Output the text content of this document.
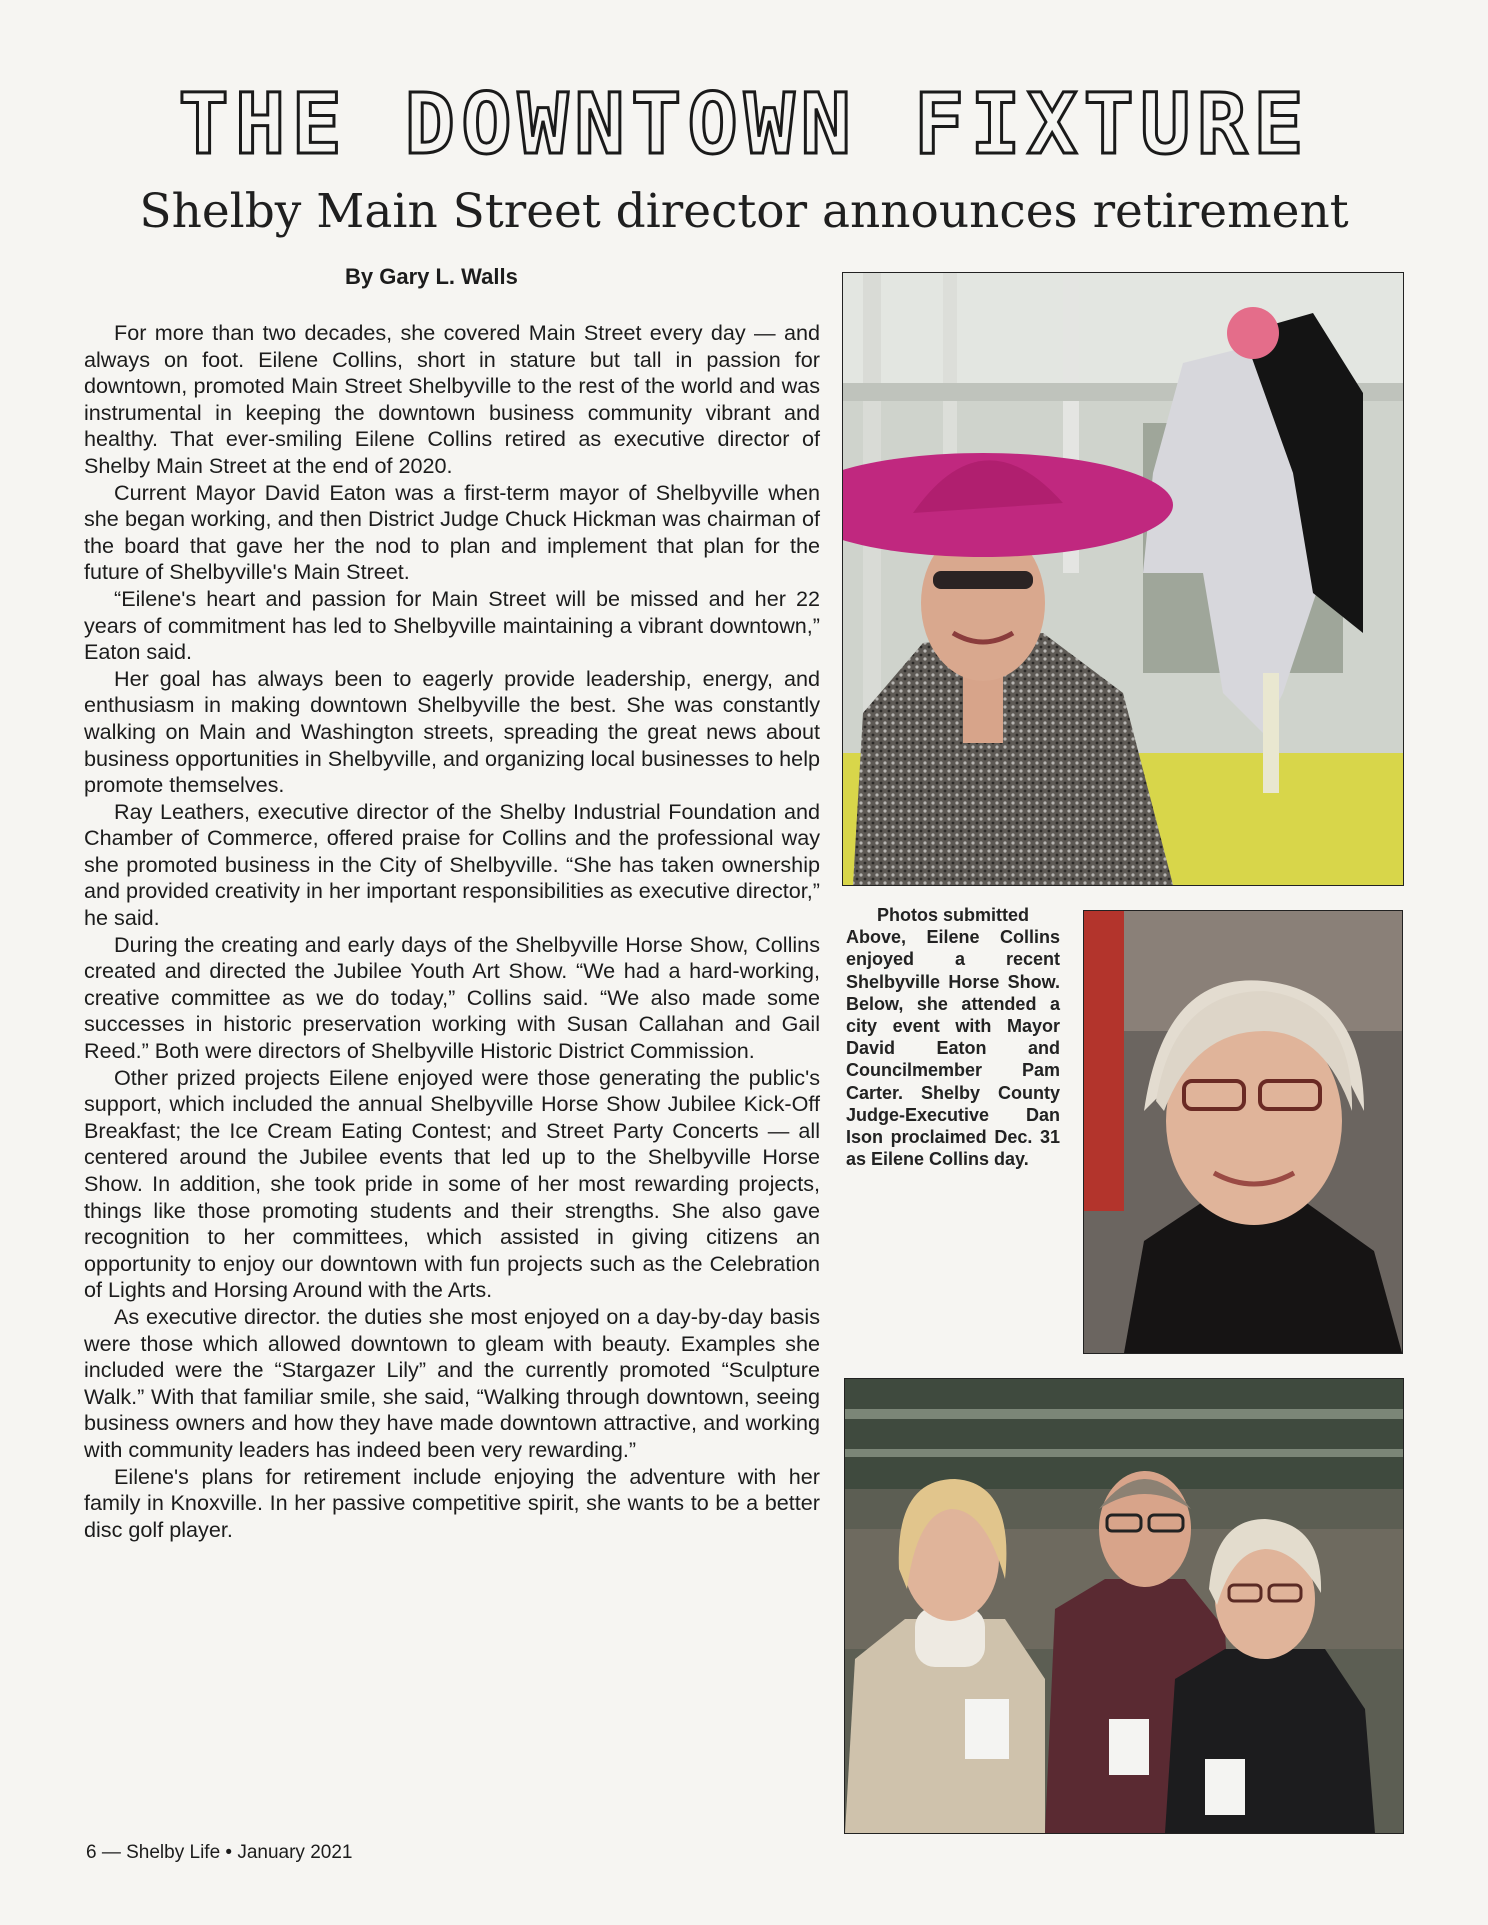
THE DOWNTOWN FIXTURE
Shelby Main Street director announces retirement
By Gary L. Walls

For more than two decades, she covered Main Street every day — and always on foot. Eilene Collins, short in stature but tall in passion for downtown, promoted Main Street Shelbyville to the rest of the world and was instrumental in keeping the downtown business community vibrant and healthy. That ever-smiling Eilene Collins retired as executive director of Shelby Main Street at the end of 2020.

Current Mayor David Eaton was a first-term mayor of Shelbyville when she began working, and then District Judge Chuck Hickman was chairman of the board that gave her the nod to plan and implement that plan for the future of Shelbyville's Main Street.

“Eilene's heart and passion for Main Street will be missed and her 22 years of commitment has led to Shelbyville maintaining a vibrant downtown,” Eaton said.

Her goal has always been to eagerly provide leadership, energy, and enthusiasm in making downtown Shelbyville the best. She was constantly walking on Main and Washington streets, spreading the great news about business opportunities in Shelbyville, and organizing local businesses to help promote themselves.

Ray Leathers, executive director of the Shelby Industrial Foundation and Chamber of Commerce, offered praise for Collins and the professional way she promoted business in the City of Shelbyville. “She has taken ownership and provided creativity in her important responsibilities as executive director,” he said.

During the creating and early days of the Shelbyville Horse Show, Collins created and directed the Jubilee Youth Art Show. “We had a hard-working, creative committee as we do today,” Collins said. “We also made some successes in historic preservation working with Susan Callahan and Gail Reed.” Both were directors of Shelbyville Historic District Commission.

Other prized projects Eilene enjoyed were those generating the public's support, which included the annual Shelbyville Horse Show Jubilee Kick-Off Breakfast; the Ice Cream Eating Contest; and Street Party Concerts — all centered around the Jubilee events that led up to the Shelbyville Horse Show. In addition, she took pride in some of her most rewarding projects, things like those promoting students and their strengths. She also gave recognition to her committees, which assisted in giving citizens an opportunity to enjoy our downtown with fun projects such as the Celebration of Lights and Horsing Around with the Arts.

As executive director. the duties she most enjoyed on a day-by-day basis were those which allowed downtown to gleam with beauty. Examples she included were the “Stargazer Lily” and the currently promoted “Sculpture Walk.” With that familiar smile, she said, “Walking through downtown, seeing business owners and how they have made downtown attractive, and working with community leaders has indeed been very rewarding.”

Eilene's plans for retirement include enjoying the adventure with her family in Knoxville. In her passive competitive spirit, she wants to be a better disc golf player.

Photos submitted
Above, Eilene Collins enjoyed a recent Shelbyville Horse Show. Below, she attended a city event with Mayor David Eaton and Councilmember Pam Carter. Shelby County Judge-Executive Dan Ison proclaimed Dec. 31 as Eilene Collins day.
6 — Shelby Life • January 2021
